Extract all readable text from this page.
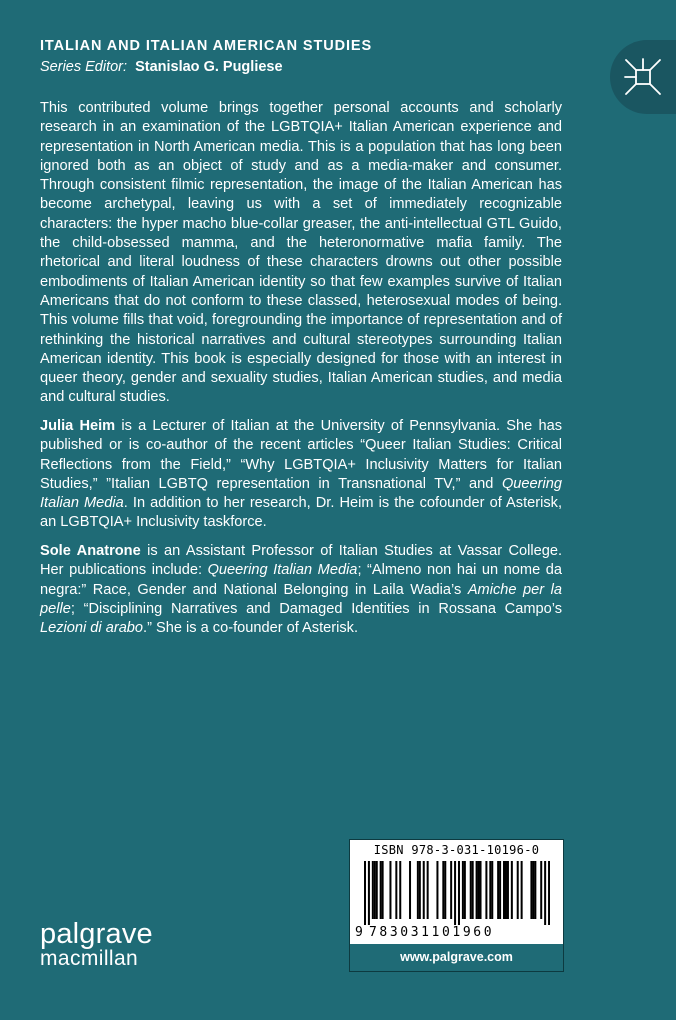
ITALIAN AND ITALIAN AMERICAN STUDIES
Series Editor: Stanislao G. Pugliese

This contributed volume brings together personal accounts and scholarly research in an examination of the LGBTQIA+ Italian American experience and representation in North American media. This is a population that has long been ignored both as an object of study and as a media-maker and consumer. Through consistent filmic representation, the image of the Italian American has become archetypal, leaving us with a set of immediately recognizable characters: the hyper macho blue-collar greaser, the anti-intellectual GTL Guido, the child-obsessed mamma, and the heteronormative mafia family. The rhetorical and literal loudness of these characters drowns out other possible embodiments of Italian American identity so that few examples survive of Italian Americans that do not conform to these classed, heterosexual modes of being. This volume fills that void, foregrounding the importance of representation and of rethinking the historical narratives and cultural stereotypes surrounding Italian American identity. This book is especially designed for those with an interest in queer theory, gender and sexuality studies, Italian American studies, and media and cultural studies.

Julia Heim is a Lecturer of Italian at the University of Pennsylvania. She has published or is co-author of the recent articles “Queer Italian Studies: Critical Reflections from the Field,” “Why LGBTQIA+ Inclusivity Matters for Italian Studies,” ”Italian LGBTQ representation in Transnational TV,” and Queering Italian Media. In addition to her research, Dr. Heim is the cofounder of Asterisk, an LGBTQIA+ Inclusivity taskforce.

Sole Anatrone is an Assistant Professor of Italian Studies at Vassar College. Her publications include: Queering Italian Media; “Almeno non hai un nome da negra:” Race, Gender and National Belonging in Laila Wadia’s Amiche per la pelle; “Disciplining Narratives and Damaged Identities in Rossana Campo’s Lezioni di arabo.” She is a co-founder of Asterisk.

palgrave
macmillan
ISBN 978-3-031-10196-0
9 783031101960
www.palgrave.com
